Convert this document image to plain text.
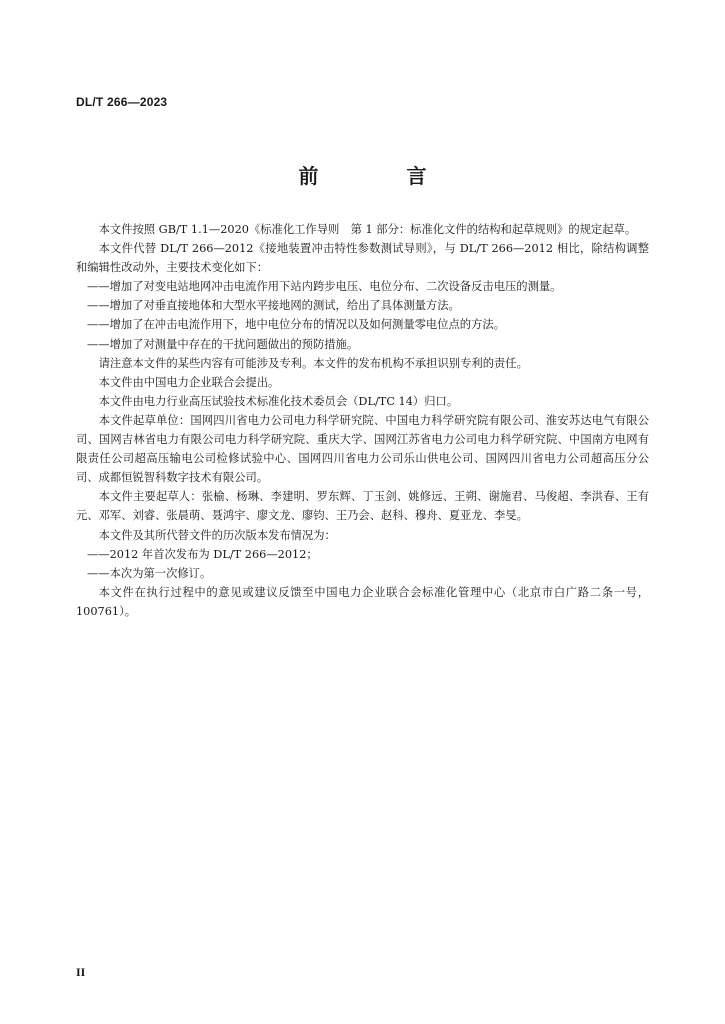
DL/T 266—2023
前　言

本文件按照 GB/T 1.1—2020《标准化工作导则　第 1 部分：标准化文件的结构和起草规则》的规定起草。

本文件代替 DL/T 266—2012《接地装置冲击特性参数测试导则》，与 DL/T 266—2012 相比，除结构调整和编辑性改动外，主要技术变化如下：

——增加了对变电站地网冲击电流作用下站内跨步电压、电位分布、二次设备反击电压的测量。

——增加了对垂直接地体和大型水平接地网的测试，给出了具体测量方法。

——增加了在冲击电流作用下，地中电位分布的情况以及如何测量零电位点的方法。

——增加了对测量中存在的干扰问题做出的预防措施。

请注意本文件的某些内容有可能涉及专利。本文件的发布机构不承担识别专利的责任。

本文件由中国电力企业联合会提出。

本文件由电力行业高压试验技术标准化技术委员会（DL/TC 14）归口。

本文件起草单位：国网四川省电力公司电力科学研究院、中国电力科学研究院有限公司、淮安苏达电气有限公司、国网吉林省电力有限公司电力科学研究院、重庆大学、国网江苏省电力公司电力科学研究院、中国南方电网有限责任公司超高压输电公司检修试验中心、国网四川省电力公司乐山供电公司、国网四川省电力公司超高压分公司、成都恒锐智科数字技术有限公司。

本文件主要起草人：张榆、杨琳、李建明、罗东辉、丁玉剑、姚修远、王朔、谢施君、马俊超、李洪春、王有元、邓军、刘睿、张晨萌、聂鸿宇、廖文龙、廖钧、王乃会、赵科、穆舟、夏亚龙、李旻。

本文件及其所代替文件的历次版本发布情况为：

——2012 年首次发布为 DL/T 266—2012；

——本次为第一次修订。

本文件在执行过程中的意见或建议反馈至中国电力企业联合会标准化管理中心（北京市白广路二条一号，100761）。

II
